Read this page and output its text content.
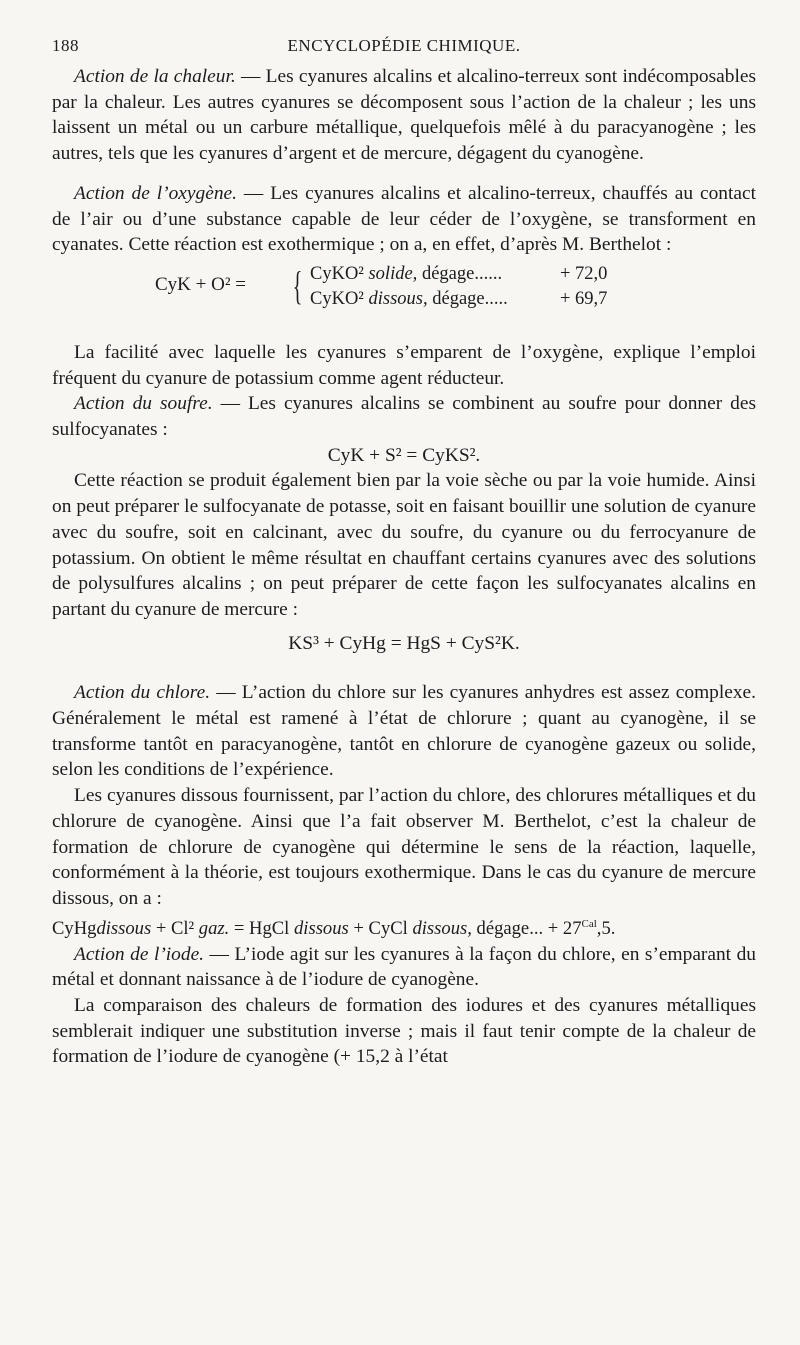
188	ENCYCLOPÉDIE CHIMIQUE.

Action de la chaleur. — Les cyanures alcalins et alcalino-terreux sont indécomposables par la chaleur. Les autres cyanures se décomposent sous l’action de la chaleur ; les uns laissent un métal ou un carbure métallique, quelquefois mêlé à du paracyanogène ; les autres, tels que les cyanures d’argent et de mercure, dégagent du cyanogène.

Action de l’oxygène. — Les cyanures alcalins et alcalino-terreux, chauffés au contact de l’air ou d’une substance capable de leur céder de l’oxygène, se transforment en cyanates. Cette réaction est exothermique ; on a, en effet, d’après M. Berthelot :

CyK + O² = { CyKO² solide, dégage......	+ 72,0
CyKO² dissous, dégage.....	+ 69,7

La facilité avec laquelle les cyanures s’emparent de l’oxygène, explique l’emploi fréquent du cyanure de potassium comme agent réducteur.

Action du soufre. — Les cyanures alcalins se combinent au soufre pour donner des sulfocyanates :

CyK + S² = CyKS².

Cette réaction se produit également bien par la voie sèche ou par la voie humide. Ainsi on peut préparer le sulfocyanate de potasse, soit en faisant bouillir une solution de cyanure avec du soufre, soit en calcinant, avec du soufre, du cyanure ou du ferrocyanure de potassium. On obtient le même résultat en chauffant certains cyanures avec des solutions de polysulfures alcalins ; on peut préparer de cette façon les sulfocyanates alcalins en partant du cyanure de mercure :

KS³ + CyHg = HgS + CyS²K.

Action du chlore. — L’action du chlore sur les cyanures anhydres est assez complexe. Généralement le métal est ramené à l’état de chlorure ; quant au cyanogène, il se transforme tantôt en paracyanogène, tantôt en chlorure de cyanogène gazeux ou solide, selon les conditions de l’expérience.

Les cyanures dissous fournissent, par l’action du chlore, des chlorures métalliques et du chlorure de cyanogène. Ainsi que l’a fait observer M. Berthelot, c’est la chaleur de formation de chlorure de cyanogène qui détermine le sens de la réaction, laquelle, conformément à la théorie, est toujours exothermique. Dans le cas du cyanure de mercure dissous, on a :

CyHgdissous + Cl² gaz. = HgCl dissous + CyCl dissous, dégage... + $27^{Cal},5$.

Action de l’iode. — L’iode agit sur les cyanures à la façon du chlore, en s’emparant du métal et donnant naissance à de l’iodure de cyanogène.

La comparaison des chaleurs de formation des iodures et des cyanures métalliques semblerait indiquer une substitution inverse ; mais il faut tenir compte de la chaleur de formation de l’iodure de cyanogène (+ 15,2 à l’état
